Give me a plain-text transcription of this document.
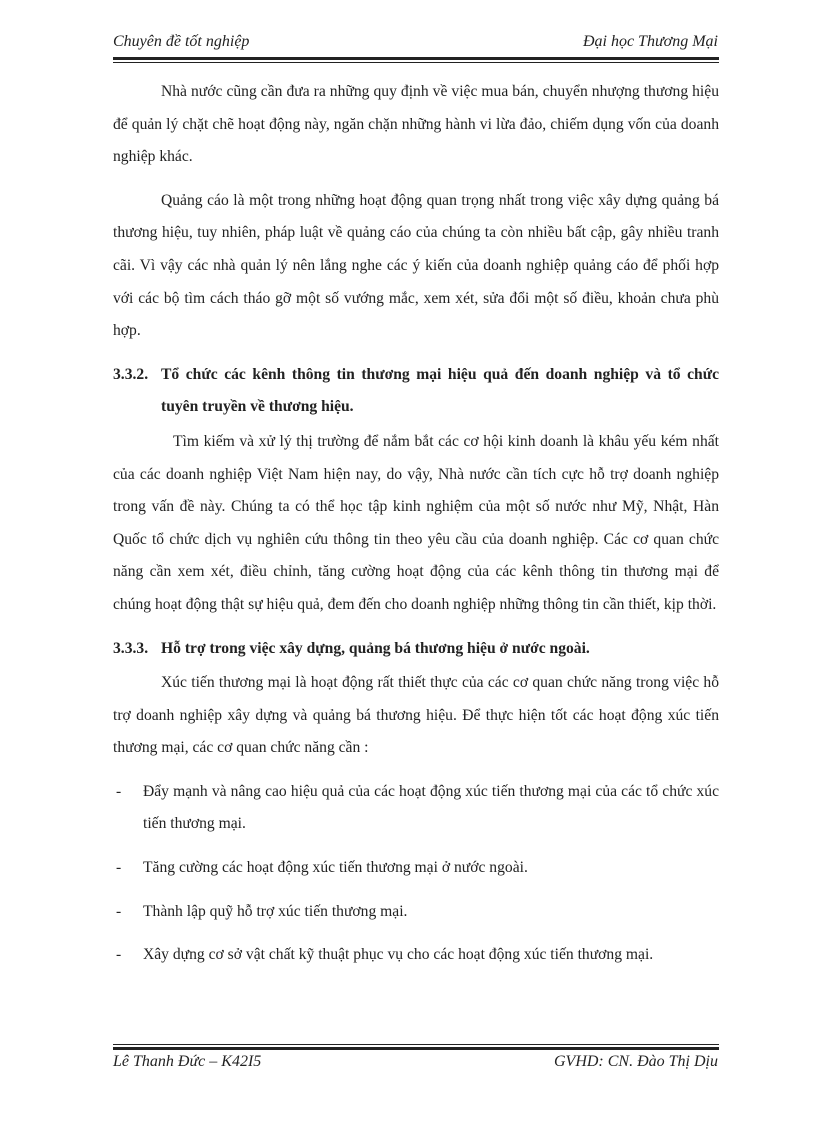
Chuyên đề tốt nghiệp	Đại học Thương Mại

Nhà nước cũng cần đưa ra những quy định về việc mua bán, chuyển nhượng thương hiệu để quản lý chặt chẽ hoạt động này, ngăn chặn những hành vi lừa đảo, chiếm dụng vốn của doanh nghiệp khác.

Quảng cáo là một trong những hoạt động quan trọng nhất trong việc xây dựng quảng bá thương hiệu, tuy nhiên, pháp luật về quảng cáo của chúng ta còn nhiều bất cập, gây nhiều tranh cãi. Vì vậy các nhà quản lý nên lắng nghe các ý kiến của doanh nghiệp quảng cáo để phối hợp với các bộ tìm cách tháo gỡ một số vướng mắc, xem xét, sửa đổi một số điều, khoản chưa phù hợp.

3.3.2. Tổ chức các kênh thông tin thương mại hiệu quả đến doanh nghiệp và tổ chức tuyên truyền về thương hiệu.

Tìm kiếm và xử lý thị trường để nắm bắt các cơ hội kinh doanh là khâu yếu kém nhất của các doanh nghiệp Việt Nam hiện nay, do vậy, Nhà nước cần tích cực hỗ trợ doanh nghiệp trong vấn đề này. Chúng ta có thể học tập kinh nghiệm của một số nước như Mỹ, Nhật, Hàn Quốc tổ chức dịch vụ nghiên cứu thông tin theo yêu cầu của doanh nghiệp. Các cơ quan chức năng cần xem xét, điều chỉnh, tăng cường hoạt động của các kênh thông tin thương mại để chúng hoạt động thật sự hiệu quả, đem đến cho doanh nghiệp những thông tin cần thiết, kịp thời.

3.3.3. Hỗ trợ trong việc xây dựng, quảng bá thương hiệu ở nước ngoài.

Xúc tiến thương mại là hoạt động rất thiết thực của các cơ quan chức năng trong việc hỗ trợ doanh nghiệp xây dựng và quảng bá thương hiệu. Để thực hiện tốt các hoạt động xúc tiến thương mại, các cơ quan chức năng cần :

- Đẩy mạnh và nâng cao hiệu quả của các hoạt động xúc tiến thương mại của các tổ chức xúc tiến thương mại.
- Tăng cường các hoạt động xúc tiến thương mại ở nước ngoài.
- Thành lập quỹ hỗ trợ xúc tiến thương mại.
- Xây dựng cơ sở vật chất kỹ thuật phục vụ cho các hoạt động xúc tiến thương mại.
Lê Thanh Đức – K42I5	GVHD: CN. Đào Thị Dịu
